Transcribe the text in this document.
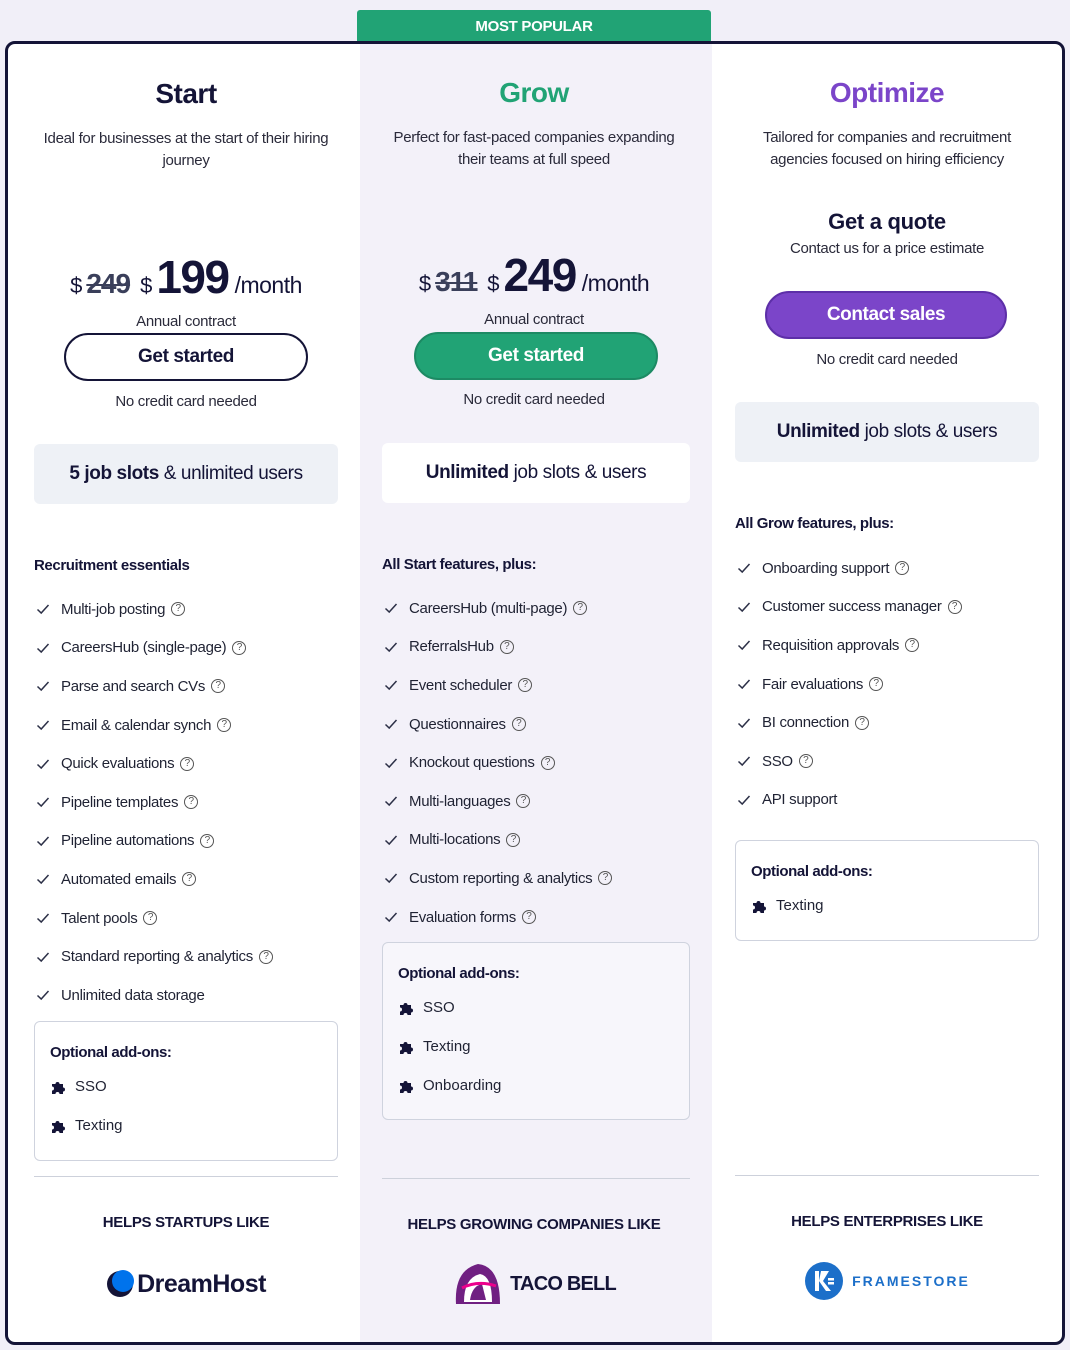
MOST POPULAR
Start
Ideal for businesses at the start of their hiring journey
$ 249 $ 199 /month
Annual contract
Get started
No credit card needed
5 job slots & unlimited users
Recruitment essentials
Multi-job posting	?
CareersHub (single-page)	?
Parse and search CVs	?
Email & calendar synch	?
Quick evaluations	?
Pipeline templates	?
Pipeline automations	?
Automated emails	?
Talent pools	?
Standard reporting & analytics	?
Unlimited data storage
Optional add-ons:
SSO
Texting
HELPS STARTUPS LIKE
DreamHost
Grow
Perfect for fast-paced companies expanding their teams at full speed
$ 311 $ 249 /month
Annual contract
Get started
No credit card needed
Unlimited job slots & users
All Start features, plus:
CareersHub (multi-page)	?
ReferralsHub	?
Event scheduler	?
Questionnaires	?
Knockout questions	?
Multi-languages	?
Multi-locations	?
Custom reporting & analytics	?
Evaluation forms	?
Optional add-ons:
SSO
Texting
Onboarding
HELPS GROWING COMPANIES LIKE
TACO BELL
Optimize
Tailored for companies and recruitment agencies focused on hiring efficiency
Get a quote
Contact us for a price estimate
Contact sales
No credit card needed
Unlimited job slots & users
All Grow features, plus:
Onboarding support	?
Customer success manager	?
Requisition approvals	?
Fair evaluations	?
BI connection	?
SSO	?
API support
Optional add-ons:
Texting
HELPS ENTERPRISES LIKE
FRAMESTORE
